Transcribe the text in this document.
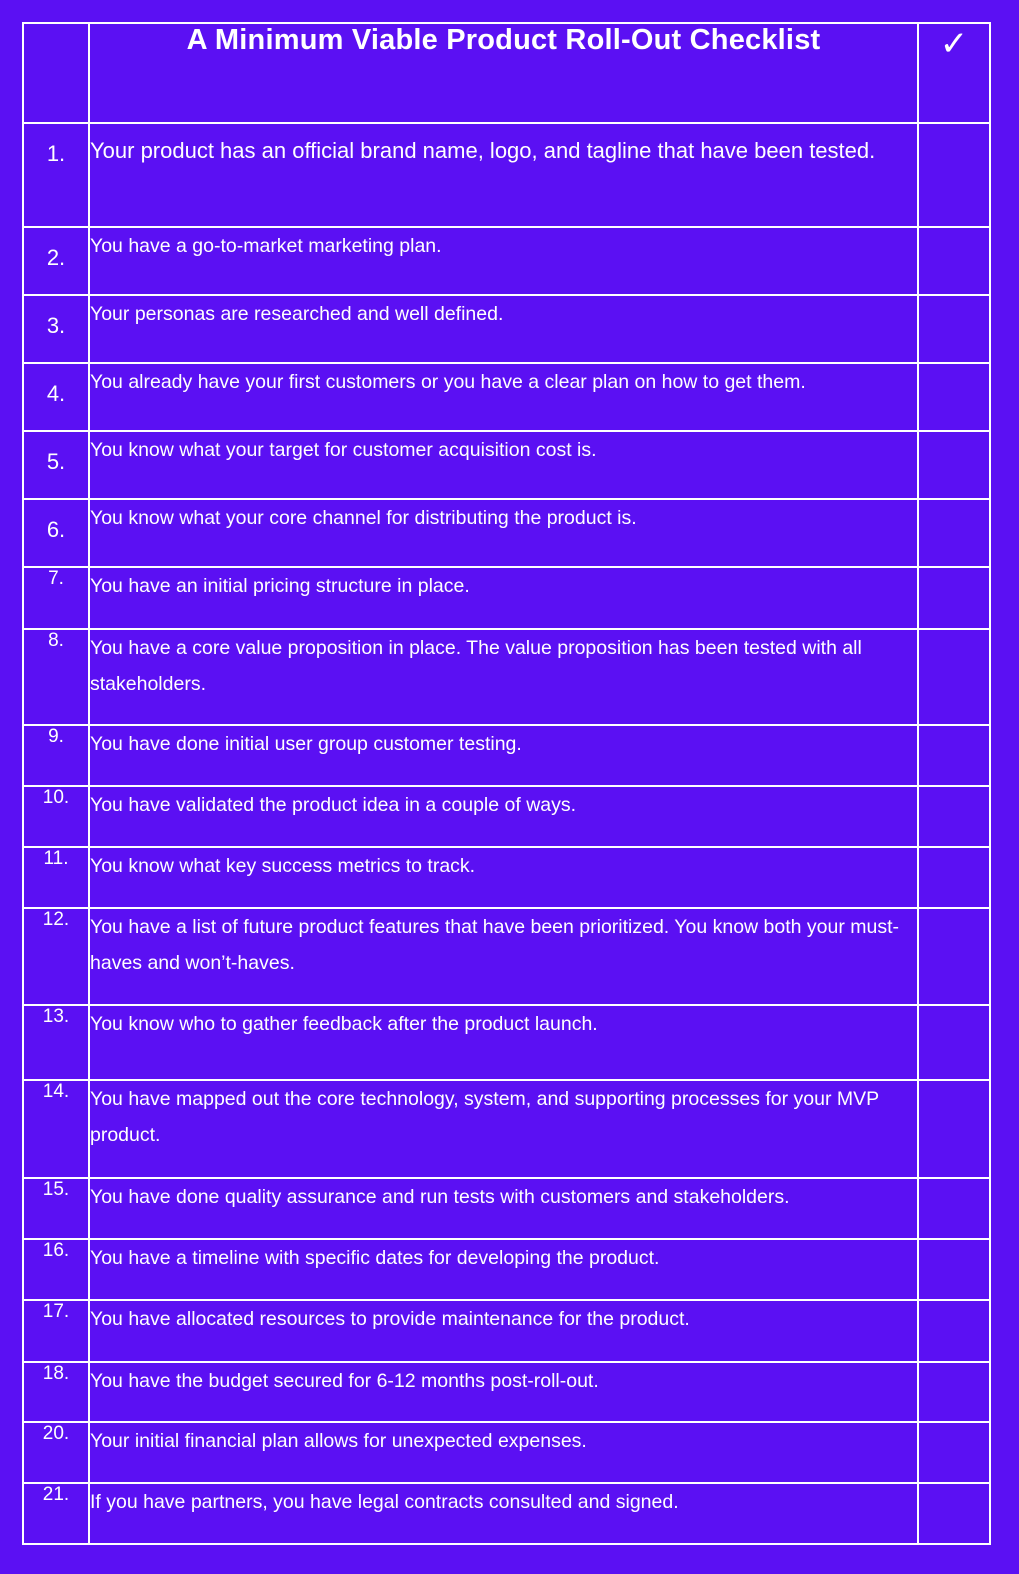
	A Minimum Viable Product Roll-Out Checklist	✓
1.	Your product has an official brand name, logo, and tagline that have been tested.	
2.	You have a go-to-market marketing plan.	
3.	Your personas are researched and well defined.	
4.	You already have your first customers or you have a clear plan on how to get them.	
5.	You know what your target for customer acquisition cost is.	
6.	You know what your core channel for distributing the product is.	
7.	You have an initial pricing structure in place.	
8.	You have a core value proposition in place. The value proposition has been tested with all stakeholders.	
9.	You have done initial user group customer testing.	
10.	You have validated the product idea in a couple of ways.	
11.	You know what key success metrics to track.	
12.	You have a list of future product features that have been prioritized. You know both your must-haves and won’t-haves.	
13.	You know who to gather feedback after the product launch.	
14.	You have mapped out the core technology, system, and supporting processes for your MVP product.	
15.	You have done quality assurance and run tests with customers and stakeholders.	
16.	You have a timeline with specific dates for developing the product.	
17.	You have allocated resources to provide maintenance for the product.	
18.	You have the budget secured for 6-12 months post-roll-out.	
20.	Your initial financial plan allows for unexpected expenses.	
21.	If you have partners, you have legal contracts consulted and signed.	
